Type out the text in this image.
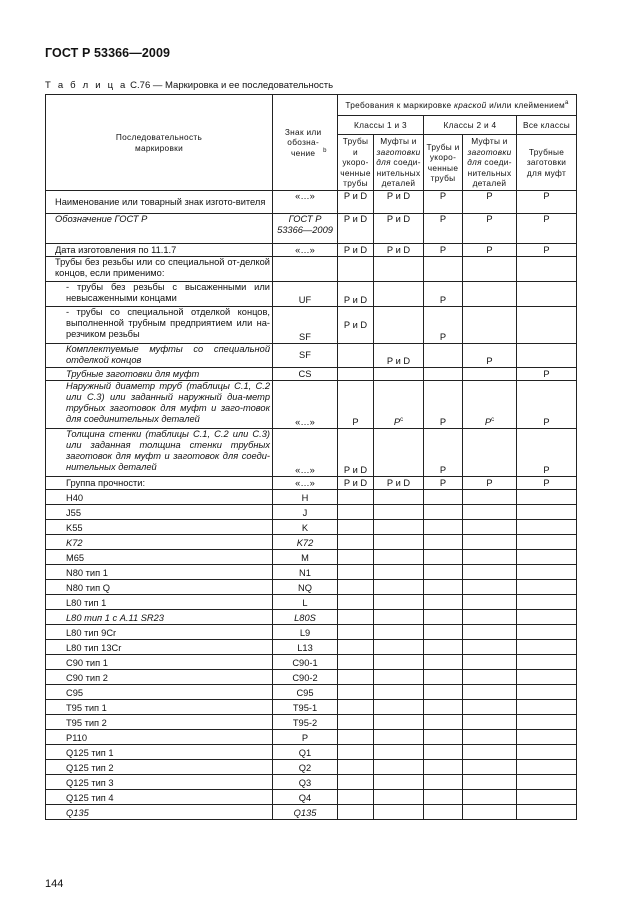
ГОСТ Р 53366—2009
Т а б л и ц а С.76 — Маркировка и ее последовательность
Последовательность маркировки	Знак или обозна-чение $^b$	Требования к маркировке краской и/или клеймением$^a$
		Классы 1 и 3		Классы 2 и 4		Все классы
		Трубы и укоро-ченные трубы	Муфты и заготовки для соеди-нительных деталей	Трубы и укоро-ченные трубы	Муфты и заготовки для соеди-нительных деталей	Трубные заготовки для муфт
Наименование или товарный знак изгото-вителя	«…»	Р и D	Р и D	Р	Р	Р
Обозначение ГОСТ Р	ГОСТ Р 53366—2009	Р и D	Р и D	Р	Р	Р
Дата изготовления по 11.1.7	«…»	Р и D	Р и D	Р	Р	Р
Трубы без резьбы или со специальной от-делкой концов, если применимо:						
- трубы без резьбы с высаженными или невысаженными концами	UF	Р и D		Р		
- трубы со специальной отделкой концов, выполненной трубным предприятием или на-резчиком резьбы	SF	Р и D		Р		
Комплектуемые муфты со специальной отделкой концов	SF		Р и D		Р	
Трубные заготовки для муфт	CS					Р
Наружный диаметр труб (таблицы С.1, С.2 или С.3) или заданный наружный диа-метр трубных заготовок для муфт и заго-товок для соединительных деталей	«…»	Р	$Р^c$	Р	$Р^c$	Р
Толщина стенки (таблицы С.1, С.2 или С.3) или заданная толщина стенки трубных заготовок для муфт и заготовок для соеди-нительных деталей	«…»	Р и D		Р		Р
Группа прочности:	«…»	Р и D	Р и D	Р	Р	Р
H40	H					
J55	J					
K55	K					
K72	K72					
M65	M					
N80 тип 1	N1					
N80 тип Q	NQ					
L80 тип 1	L					
L80 тип 1 с A.11 SR23	L80S					
L80 тип 9Cr	L9					
L80 тип 13Cr	L13					
C90 тип 1	C90-1					
C90 тип 2	C90-2					
C95	C95					
T95 тип 1	T95-1					
T95 тип 2	T95-2					
P110	P					
Q125 тип 1	Q1					
Q125 тип 2	Q2					
Q125 тип 3	Q3					
Q125 тип 4	Q4					
Q135	Q135					
144
